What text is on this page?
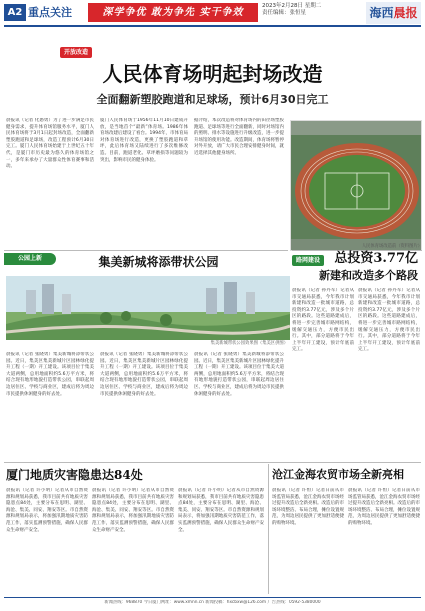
A2 重点关注	深学争优 敢为争先 实干争效
2023年2月28日 星期二
责任编辑：张恒星	海西晨报
开放改造
人民体育场明起封场改造
全面翻新塑胶跑道和足球场，预计6月30日完工
晨报讯（记者 化愚勇）为了进一步满足市民健身需求，提升体育场馆服务水平，厦门人民体育场将于3月1日起封场改造，全面翻新塑胶跑道和足球场，改造工程预计6月30日完工。厦门人民体育场始建于上世纪五十年代，是厦门市历史最为悠久的体育场馆之一，多年来承办了大量群众性体育赛事和活动。
厦门人民体育场于1956年11月10日建成开放，是当地首个“最新”体育场。1986年体育场改建后建设了看台。1994年，市体育局对体育场进行改造，更换了塑胶跑道和草坪，此后体育场又陆续进行了多次维修改造。目前，跑道老化、草坪磨损等问题较为突出，影响市民的健身体验。
据介绍，本次改造将对体育场内的田径场塑胶跑道、足球场等进行全面翻新，同时对场馆内的照明、排水等设施进行升级改造，进一步提升场馆的使用功能。改造期间，体育场将暂停对外开放，请广大市民合理安排健身时间，就近选择其他健身场所。
人民体育场改造前（资料图片）
公园上新	集美新城将添带状公园
集美新城带状公园效果图（集美区供图）
晨报讯（记者 张晓勇）集美新城将添带状公园。近日，集美区集美新城片区园林绿化提升工程（一期）开工建设。该项目位于集美大道两侧，总用地面积约5.6万平方米，将结合现有地形地貌打造带状公园，串联起周边居住区、学校与商业区，建成后将为周边市民提供休闲健身的好去处。
晨报讯（记者 张晓勇）集美新城将添带状公园。近日，集美区集美新城片区园林绿化提升工程（一期）开工建设。该项目位于集美大道两侧，总用地面积约5.6万平方米，将结合现有地形地貌打造带状公园，串联起周边居住区、学校与商业区，建成后将为周边市民提供休闲健身的好去处。
晨报讯（记者 张晓勇）集美新城将添带状公园。近日，集美区集美新城片区园林绿化提升工程（一期）开工建设。该项目位于集美大道两侧，总用地面积约5.6万平方米，将结合现有地形地貌打造带状公园，串联起周边居住区、学校与商业区，建成后将为周边市民提供休闲健身的好去处。
路网建设	总投资3.77亿
新建和改造多个路段
晨报讯（记者 孙丹军）记者从市交通局获悉，今年我市计划新建和改造一批城市道路，总投资约3.77亿元，涉及多个片区的路段。这些道路建成后，将进一步完善城市路网结构，缓解交通压力，方便市民出行。其中，部分道路将于今年上半年开工建设，预计年底前完工。
晨报讯（记者 孙丹军）记者从市交通局获悉，今年我市计划新建和改造一批城市道路，总投资约3.77亿元，涉及多个片区的路段。这些道路建成后，将进一步完善城市路网结构，缓解交通压力，方便市民出行。其中，部分道路将于今年上半年开工建设，预计年底前完工。
厦门地质灾害隐患达84处
晨报讯（记者 许小明）记者从市自然资源和规划局获悉，我市目前共有地质灾害隐患点84处，主要分布在思明、湖里、海沧、集美、同安、翔安等区。市自然资源和规划局表示，将加强汛期地质灾害防范工作，落实监测预警措施，确保人民群众生命财产安全。
晨报讯（记者 许小明）记者从市自然资源和规划局获悉，我市目前共有地质灾害隐患点84处，主要分布在思明、湖里、海沧、集美、同安、翔安等区。市自然资源和规划局表示，将加强汛期地质灾害防范工作，落实监测预警措施，确保人民群众生命财产安全。
晨报讯（记者 许小明）记者从市自然资源和规划局获悉，我市目前共有地质灾害隐患点84处，主要分布在思明、湖里、海沧、集美、同安、翔安等区。市自然资源和规划局表示，将加强汛期地质灾害防范工作，落实监测预警措施，确保人民群众生命财产安全。
沧江金海农贸市场全新亮相
晨报讯（记者 许恒）记者日前从市场监管局获悉，沧江金海农贸市场经过提升改造后全新亮相。改造后的市场环境整洁、布局合理，摊位设置规范，为周边居民提供了更加舒适便捷的购物环境。
晨报讯（记者 许恒）记者日前从市场监管局获悉，沧江金海农贸市场经过提升改造后全新亮相。改造后的市场环境整洁、布局合理，摊位设置规范，为周边居民提供了更加舒适便捷的购物环境。
新闻热线：968870 今日厦门网址：www.xmnn.cn 新闻投稿：hxcbxw@126.com 广告热线：0592-5380000
